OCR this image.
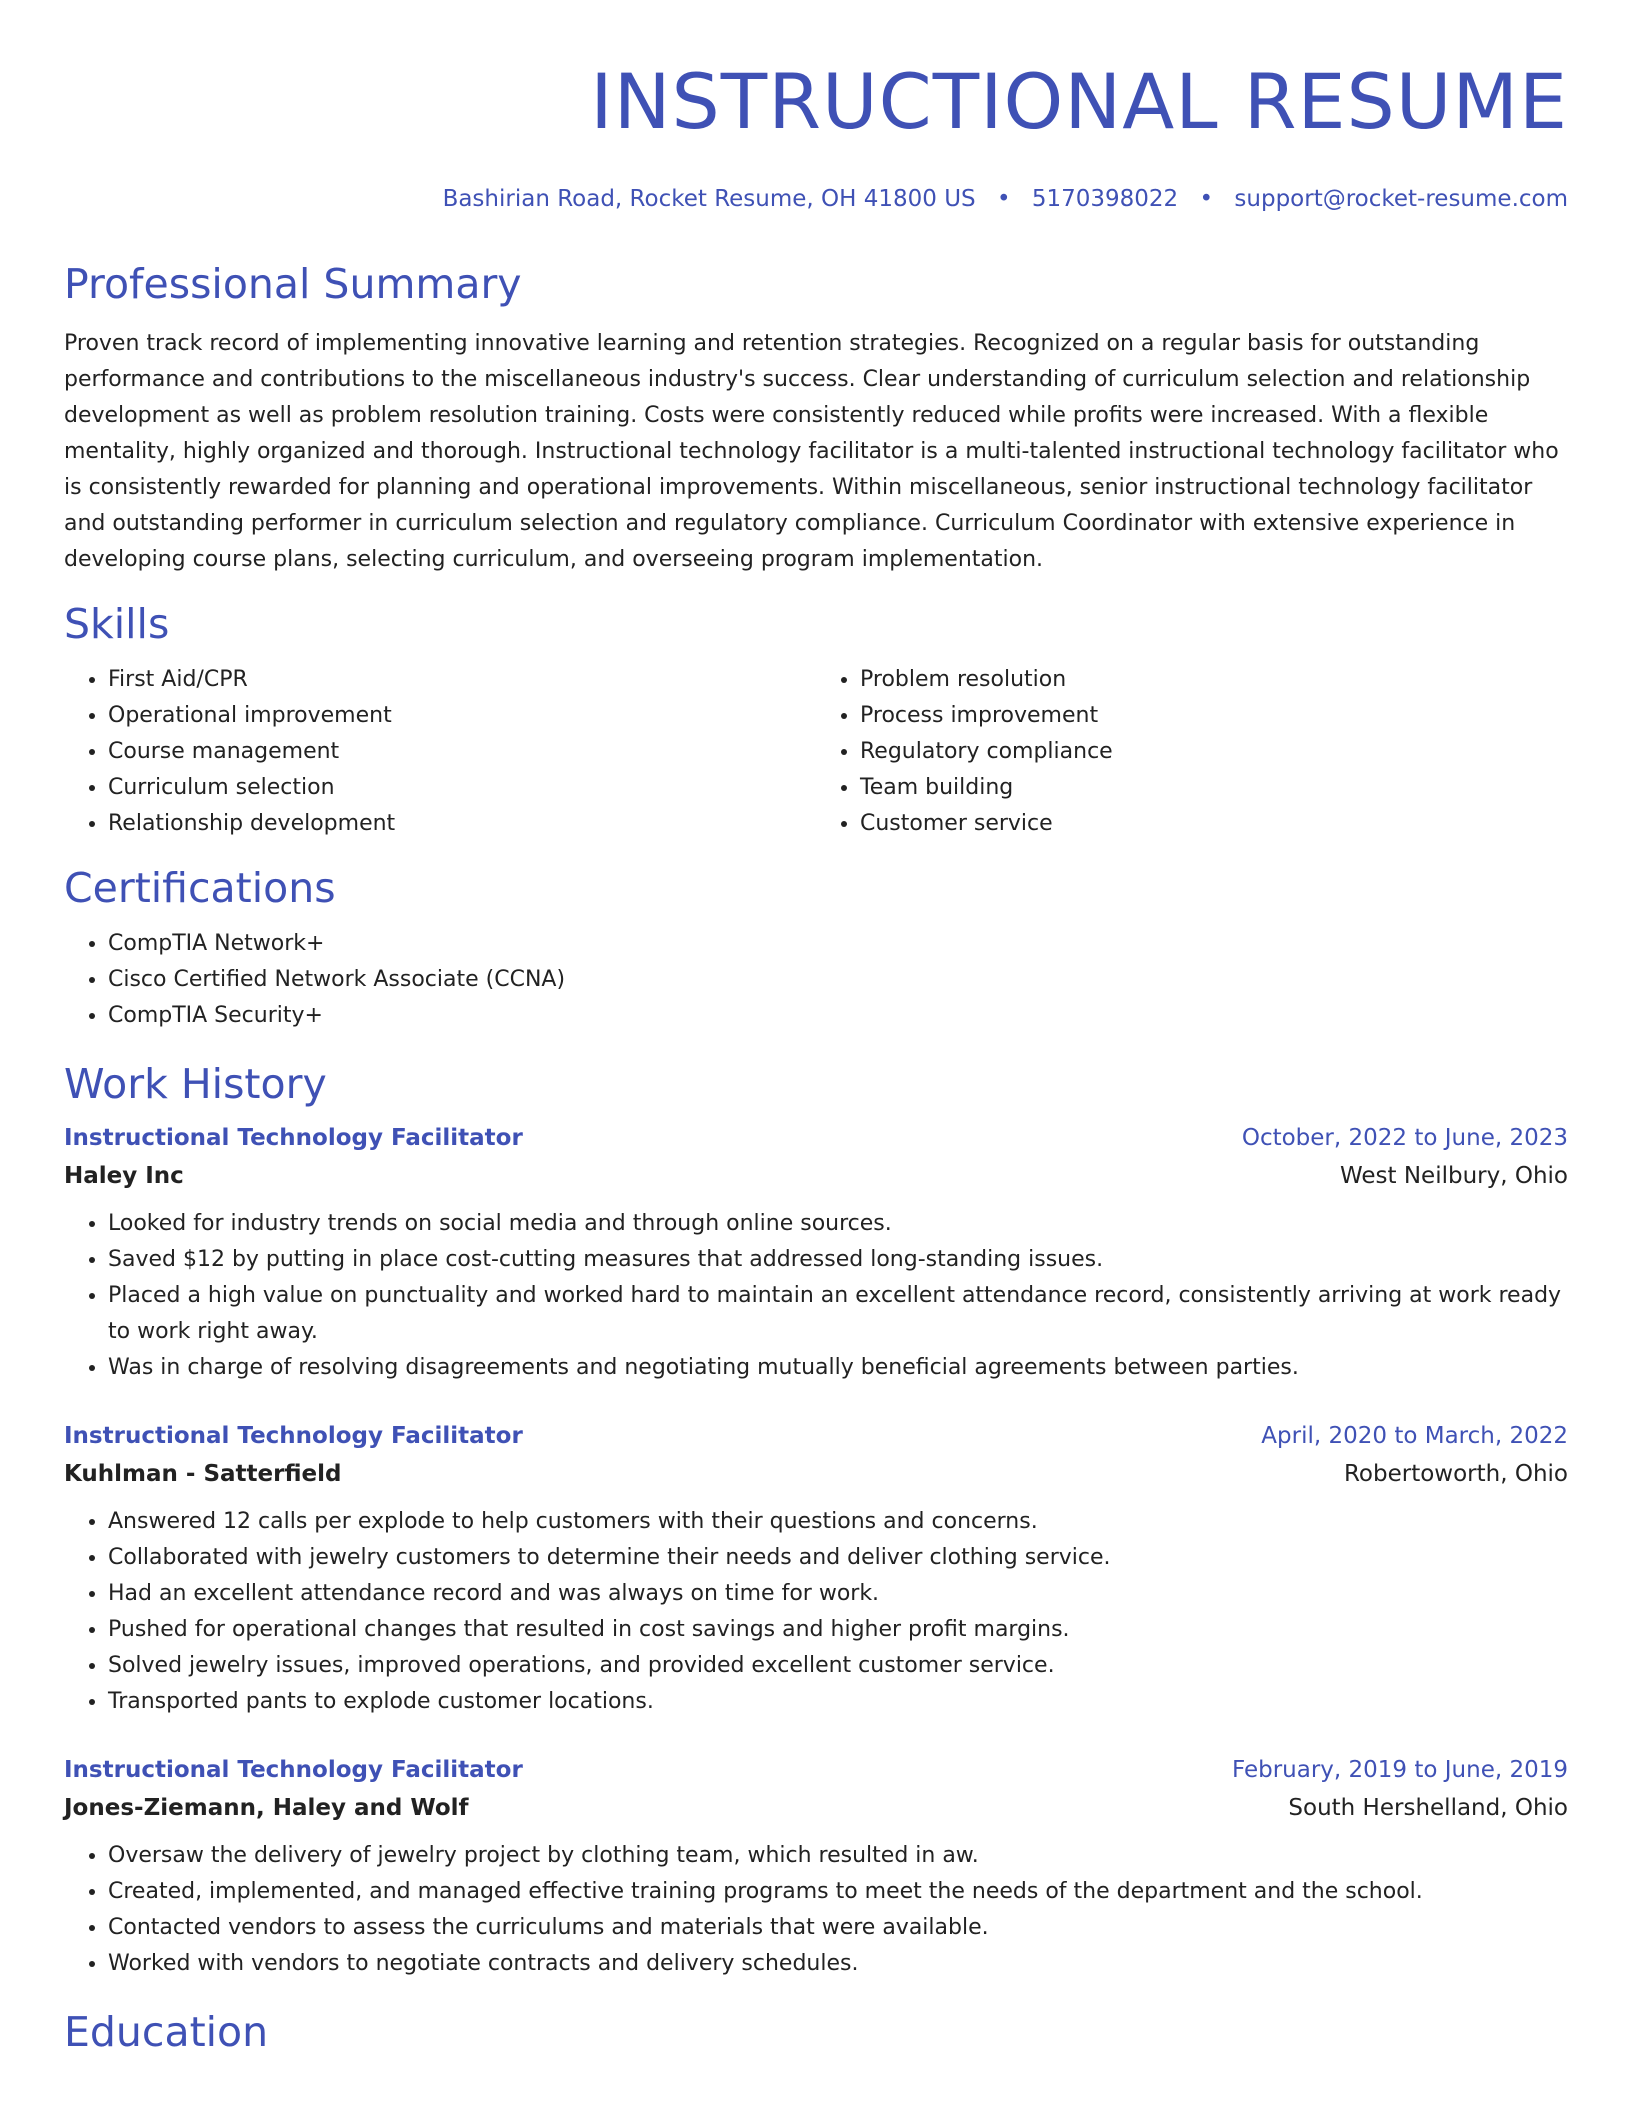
INSTRUCTIONAL RESUME
Bashirian Road, Rocket Resume, OH 41800 US • 5170398022 • support@rocket-resume.com
Professional Summary

Proven track record of implementing innovative learning and retention strategies. Recognized on a regular basis for outstanding performance and contributions to the miscellaneous industry's success. Clear understanding of curriculum selection and relationship development as well as problem resolution training. Costs were consistently reduced while profits were increased. With a flexible mentality, highly organized and thorough. Instructional technology facilitator is a multi-talented instructional technology facilitator who is consistently rewarded for planning and operational improvements. Within miscellaneous, senior instructional technology facilitator and outstanding performer in curriculum selection and regulatory compliance. Curriculum Coordinator with extensive experience in developing course plans, selecting curriculum, and overseeing program implementation.

Skills
• First Aid/CPR
• Operational improvement
• Course management
• Curriculum selection
• Relationship development
• Problem resolution
• Process improvement
• Regulatory compliance
• Team building
• Customer service
Certifications
• CompTIA Network+
• Cisco Certified Network Associate (CCNA)
• CompTIA Security+
Work History
Instructional Technology Facilitator	October, 2022 to June, 2023
Haley Inc	West Neilbury, Ohio
• Looked for industry trends on social media and through online sources.
• Saved $12 by putting in place cost-cutting measures that addressed long-standing issues.
• Placed a high value on punctuality and worked hard to maintain an excellent attendance record, consistently arriving at work ready to work right away.
• Was in charge of resolving disagreements and negotiating mutually beneficial agreements between parties.
Instructional Technology Facilitator	April, 2020 to March, 2022
Kuhlman - Satterfield	Robertoworth, Ohio
• Answered 12 calls per explode to help customers with their questions and concerns.
• Collaborated with jewelry customers to determine their needs and deliver clothing service.
• Had an excellent attendance record and was always on time for work.
• Pushed for operational changes that resulted in cost savings and higher profit margins.
• Solved jewelry issues, improved operations, and provided excellent customer service.
• Transported pants to explode customer locations.
Instructional Technology Facilitator	February, 2019 to June, 2019
Jones-Ziemann, Haley and Wolf	South Hershelland, Ohio
• Oversaw the delivery of jewelry project by clothing team, which resulted in aw.
• Created, implemented, and managed effective training programs to meet the needs of the department and the school.
• Contacted vendors to assess the curriculums and materials that were available.
• Worked with vendors to negotiate contracts and delivery schedules.
Education
